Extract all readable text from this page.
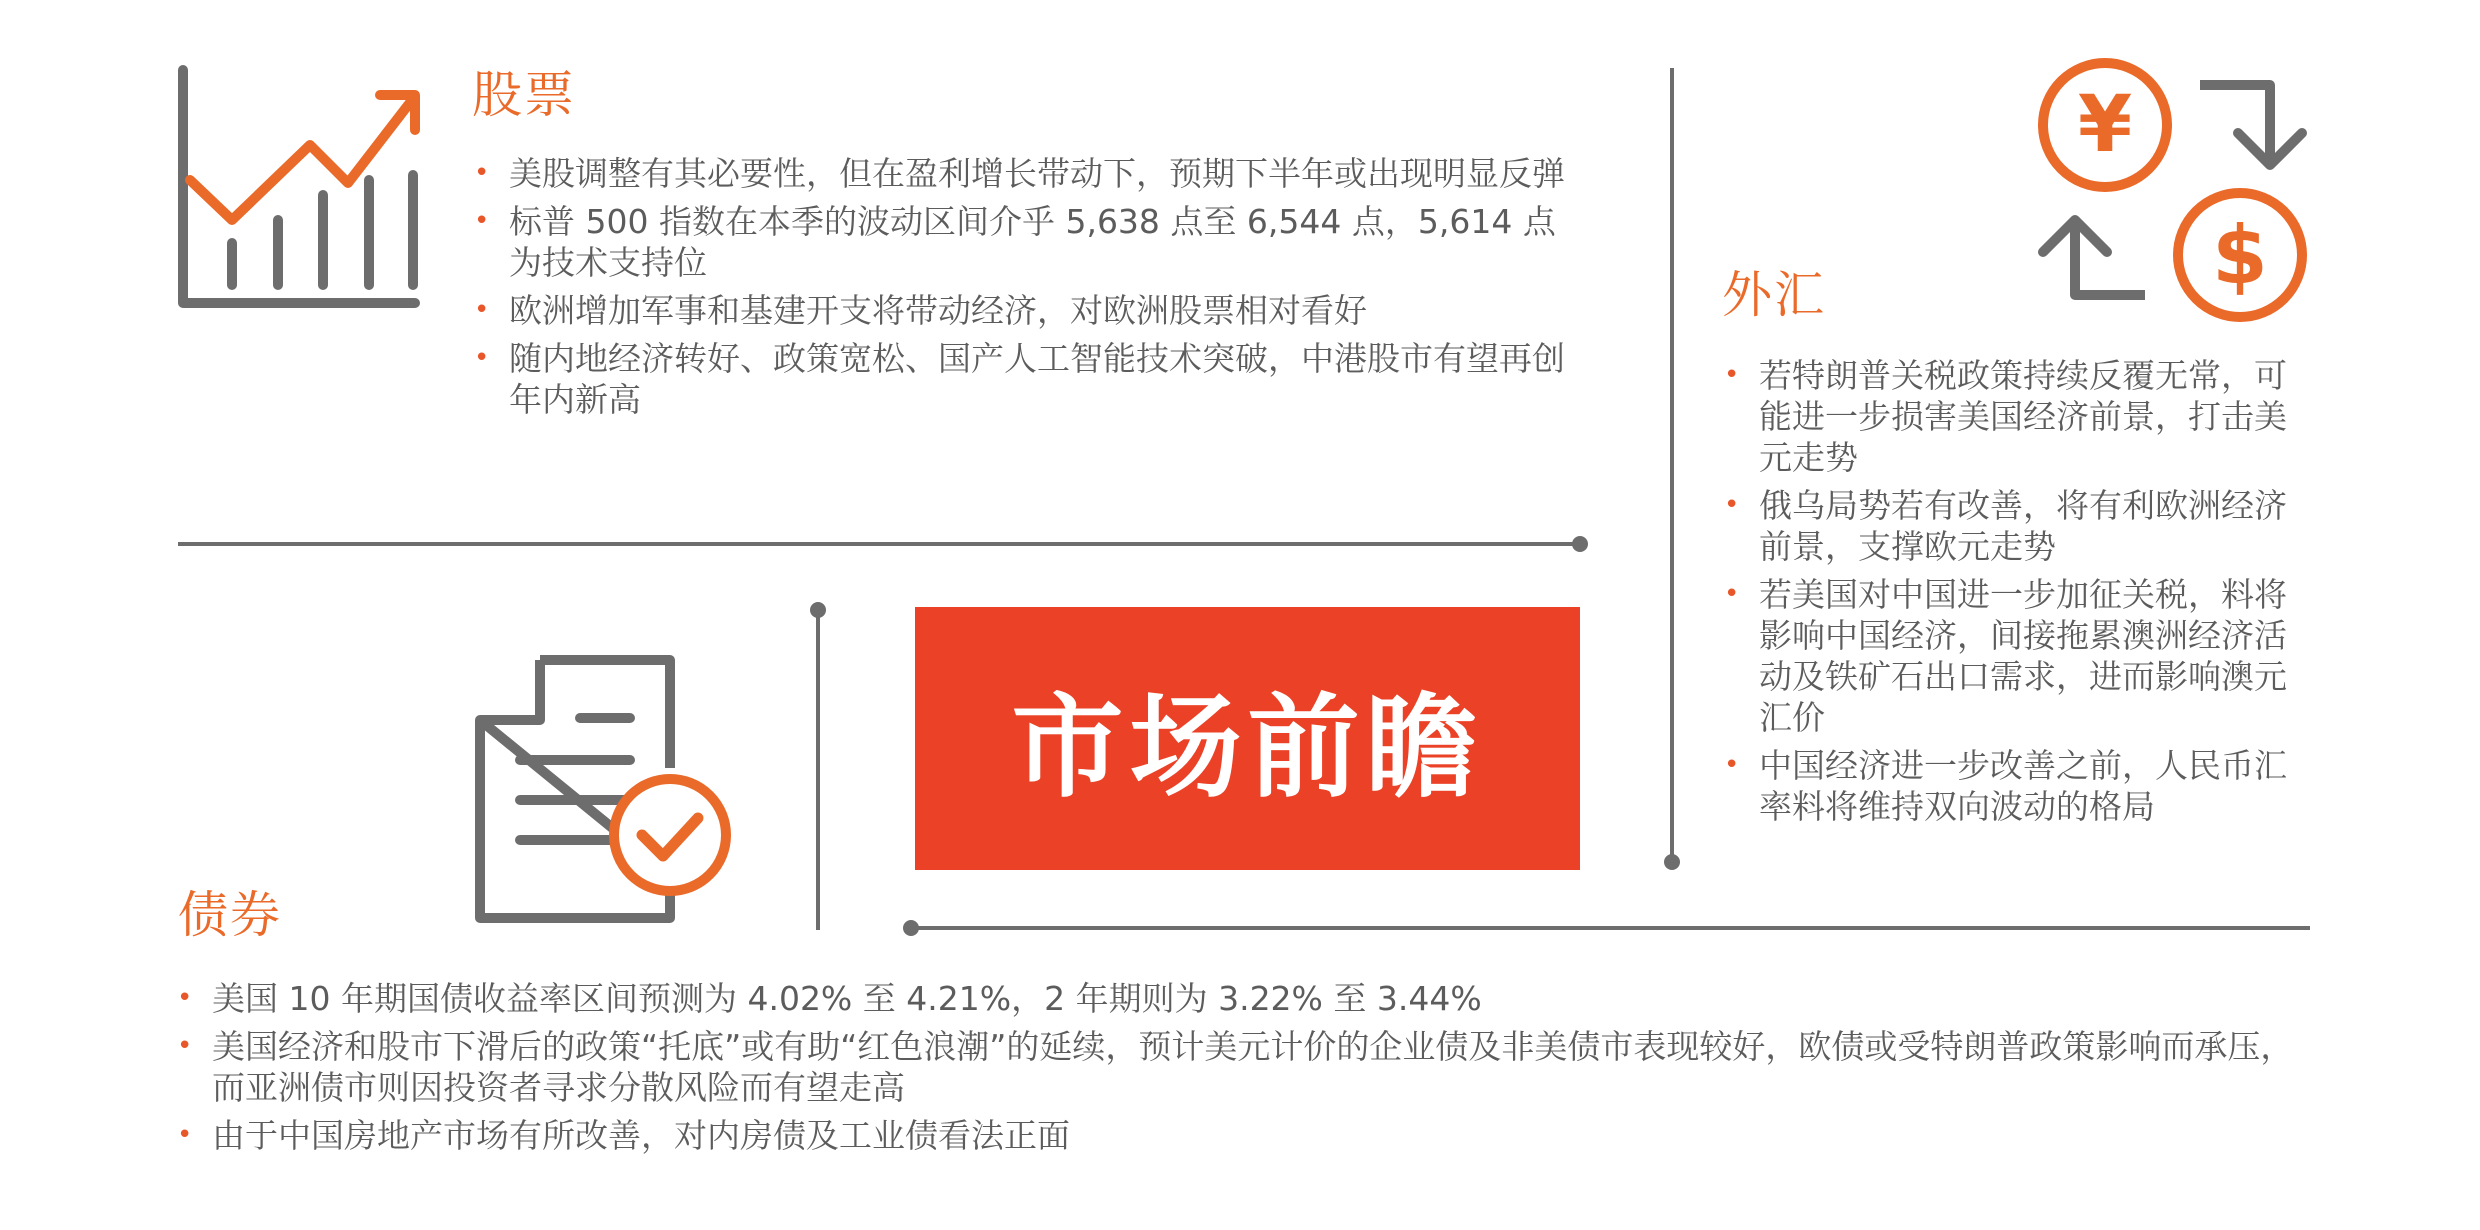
股票
• 美股调整有其必要性，但在盈利增长带动下，预期下半年或出现明显反弹
• 标普 500 指数在本季的波动区间介乎 5,638 点至 6,544 点，5,614 点为技术支持位
• 欧洲增加军事和基建开支将带动经济，对欧洲股票相对看好
• 随内地经济转好、政策宽松、国产人工智能技术突破，中港股市有望再创年内新高
市场前瞻
¥
$
外汇
• 若特朗普关税政策持续反覆无常，可能进一步损害美国经济前景，打击美元走势
• 俄乌局势若有改善，将有利欧洲经济前景，支撑欧元走势
• 若美国对中国进一步加征关税，料将影响中国经济，间接拖累澳洲经济活动及铁矿石出口需求，进而影响澳元汇价
• 中国经济进一步改善之前，人民币汇率料将维持双向波动的格局
债券
• 美国 10 年期国债收益率区间预测为 4.02% 至 4.21%，2 年期则为 3.22% 至 3.44%
• 美国经济和股市下滑后的政策“托底”或有助“红色浪潮”的延续，预计美元计价的企业债及非美债市表现较好，欧债或受特朗普政策影响而承压，而亚洲债市则因投资者寻求分散风险而有望走高
• 由于中国房地产市场有所改善，对内房债及工业债看法正面
